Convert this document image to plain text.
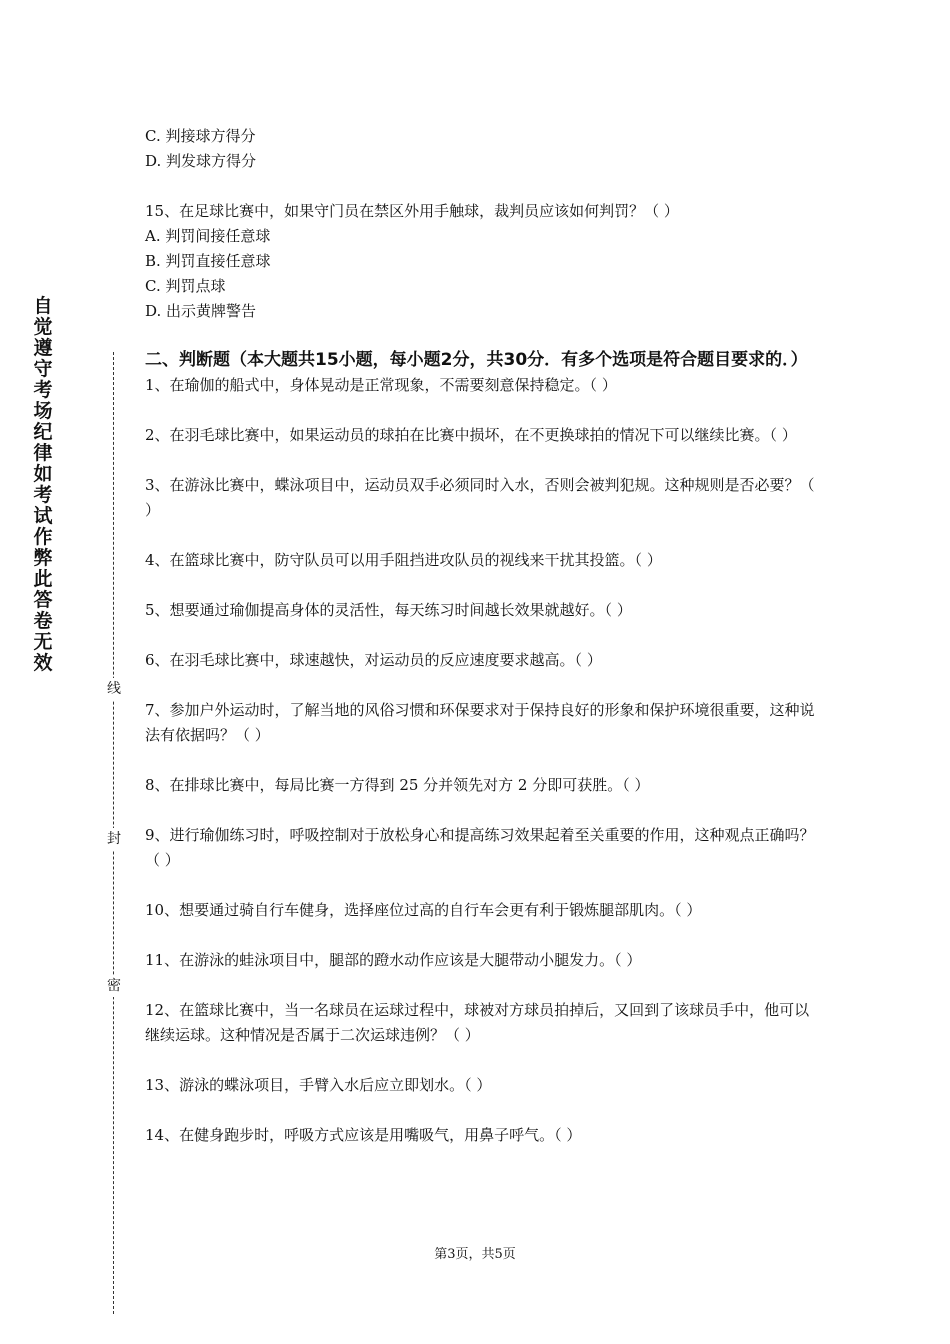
自觉遵守考场纪律如考试作弊此答卷无效
线
封
密
C. 判接球方得分
D. 判发球方得分
15、在足球比赛中，如果守门员在禁区外用手触球，裁判员应该如何判罚？（ ）
A. 判罚间接任意球
B. 判罚直接任意球
C. 判罚点球
D. 出示黄牌警告
二、判断题（本大题共15小题，每小题2分，共30分．有多个选项是符合题目要求的．）
1、在瑜伽的船式中，身体晃动是正常现象，不需要刻意保持稳定。（ ）
2、在羽毛球比赛中，如果运动员的球拍在比赛中损坏，在不更换球拍的情况下可以继续比赛。（ ）
3、在游泳比赛中，蝶泳项目中，运动员双手必须同时入水，否则会被判犯规。这种规则是否必要？（ ）
4、在篮球比赛中，防守队员可以用手阻挡进攻队员的视线来干扰其投篮。（ ）
5、想要通过瑜伽提高身体的灵活性，每天练习时间越长效果就越好。（ ）
6、在羽毛球比赛中，球速越快，对运动员的反应速度要求越高。（ ）
7、参加户外运动时，了解当地的风俗习惯和环保要求对于保持良好的形象和保护环境很重要，这种说法有依据吗？（ ）
8、在排球比赛中，每局比赛一方得到 25 分并领先对方 2 分即可获胜。（ ）
9、进行瑜伽练习时，呼吸控制对于放松身心和提高练习效果起着至关重要的作用，这种观点正确吗？（ ）
10、想要通过骑自行车健身，选择座位过高的自行车会更有利于锻炼腿部肌肉。（ ）
11、在游泳的蛙泳项目中，腿部的蹬水动作应该是大腿带动小腿发力。（ ）
12、在篮球比赛中，当一名球员在运球过程中，球被对方球员拍掉后，又回到了该球员手中，他可以继续运球。这种情况是否属于二次运球违例？（ ）
13、游泳的蝶泳项目，手臂入水后应立即划水。（ ）
14、在健身跑步时，呼吸方式应该是用嘴吸气，用鼻子呼气。（ ）
第3页，共5页
